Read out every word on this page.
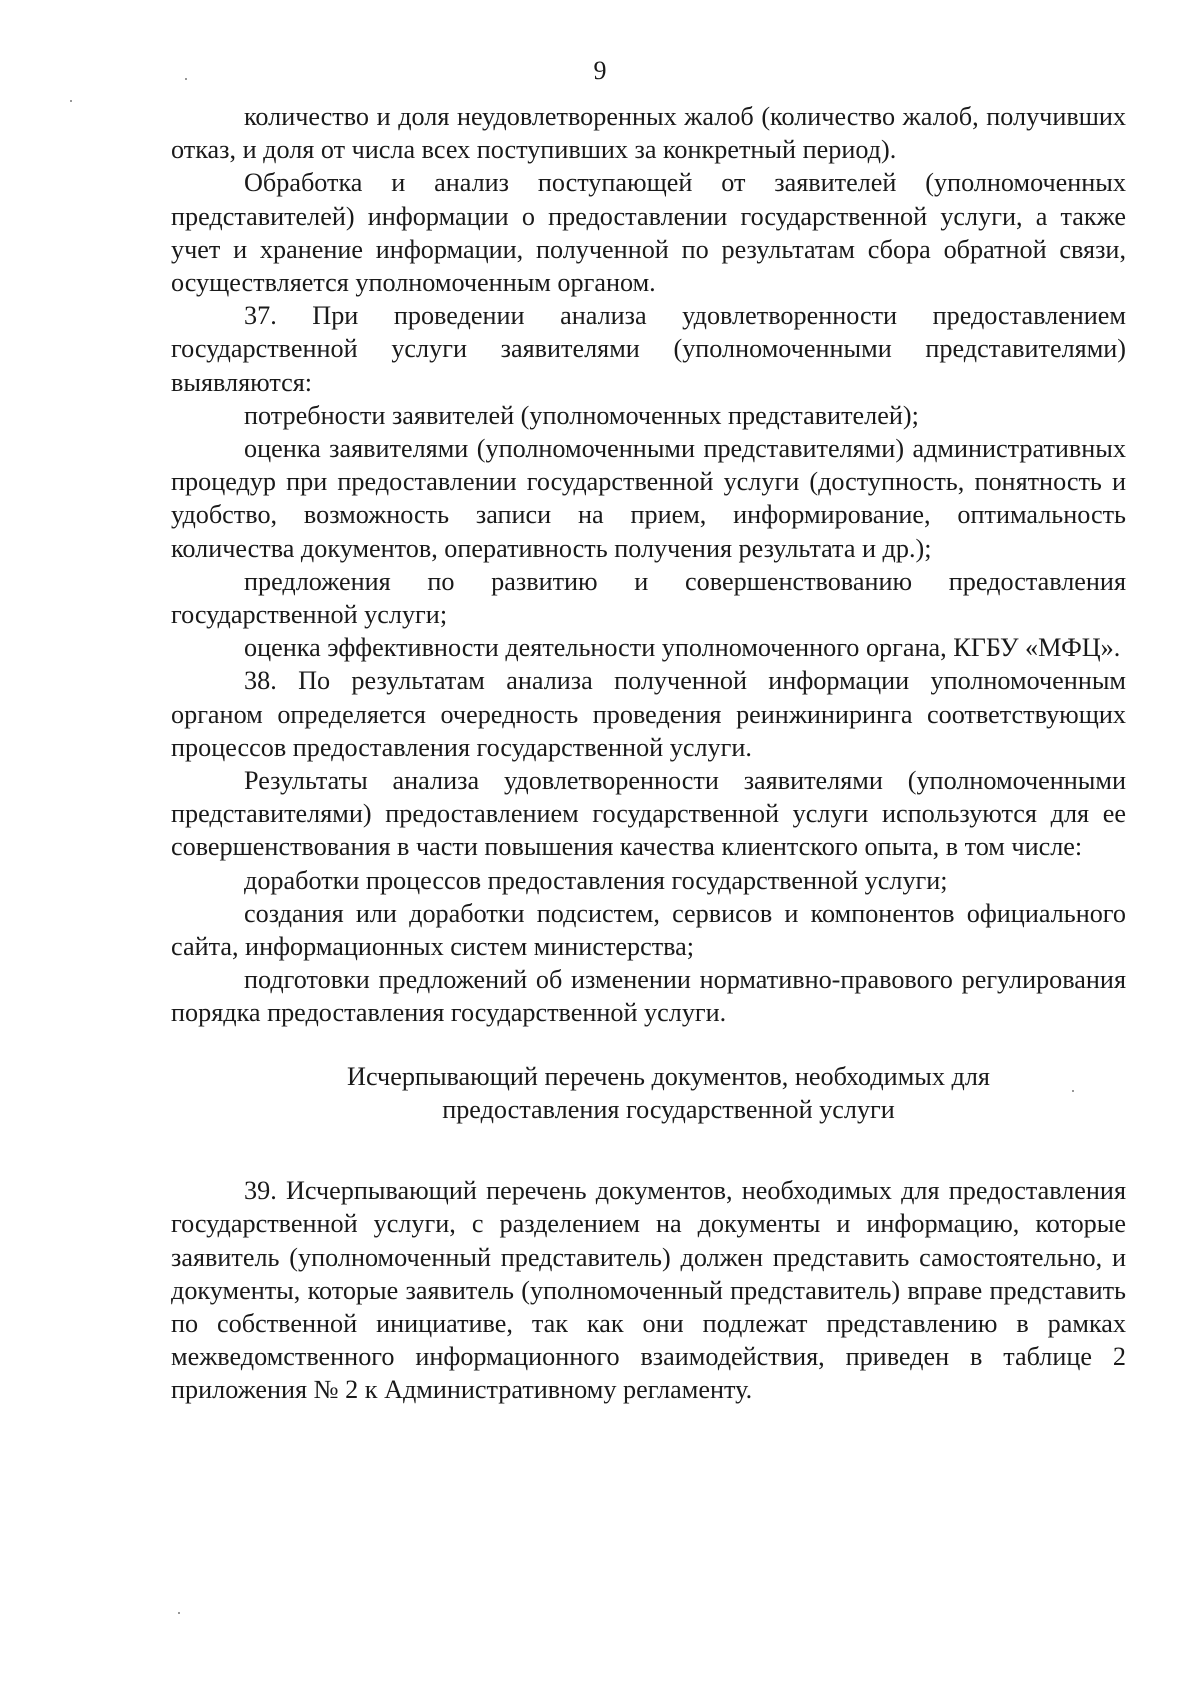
9

количество и доля неудовлетворенных жалоб (количество жалоб, получивших отказ, и доля от числа всех поступивших за конкретный период).

Обработка и анализ поступающей от заявителей (уполномоченных представителей) информации о предоставлении государственной услуги, а также учет и хранение информации, полученной по результатам сбора обратной связи, осуществляется уполномоченным органом.

37. При проведении анализа удовлетворенности предоставлением государственной услуги заявителями (уполномоченными представителями) выявляются:

потребности заявителей (уполномоченных представителей);

оценка заявителями (уполномоченными представителями) административных процедур при предоставлении государственной услуги (доступность, понятность и удобство, возможность записи на прием, информирование, оптимальность количества документов, оперативность получения результата и др.);

предложения по развитию и совершенствованию предоставления государственной услуги;

оценка эффективности деятельности уполномоченного органа, КГБУ «МФЦ».

38. По результатам анализа полученной информации уполномоченным органом определяется очередность проведения реинжиниринга соответствующих процессов предоставления государственной услуги.

Результаты анализа удовлетворенности заявителями (уполномоченными представителями) предоставлением государственной услуги используются для ее совершенствования в части повышения качества клиентского опыта, в том числе:

доработки процессов предоставления государственной услуги;

создания или доработки подсистем, сервисов и компонентов официального сайта, информационных систем министерства;

подготовки предложений об изменении нормативно-правового регулирования порядка предоставления государственной услуги.

Исчерпывающий перечень документов, необходимых для
предоставления государственной услуги

39. Исчерпывающий перечень документов, необходимых для предоставления государственной услуги, с разделением на документы и информацию, которые заявитель (уполномоченный представитель) должен представить самостоятельно, и документы, которые заявитель (уполномоченный представитель) вправе представить по собственной инициативе, так как они подлежат представлению в рамках межведомственного информационного взаимодействия, приведен в таблице 2 приложения № 2 к Административному регламенту.
